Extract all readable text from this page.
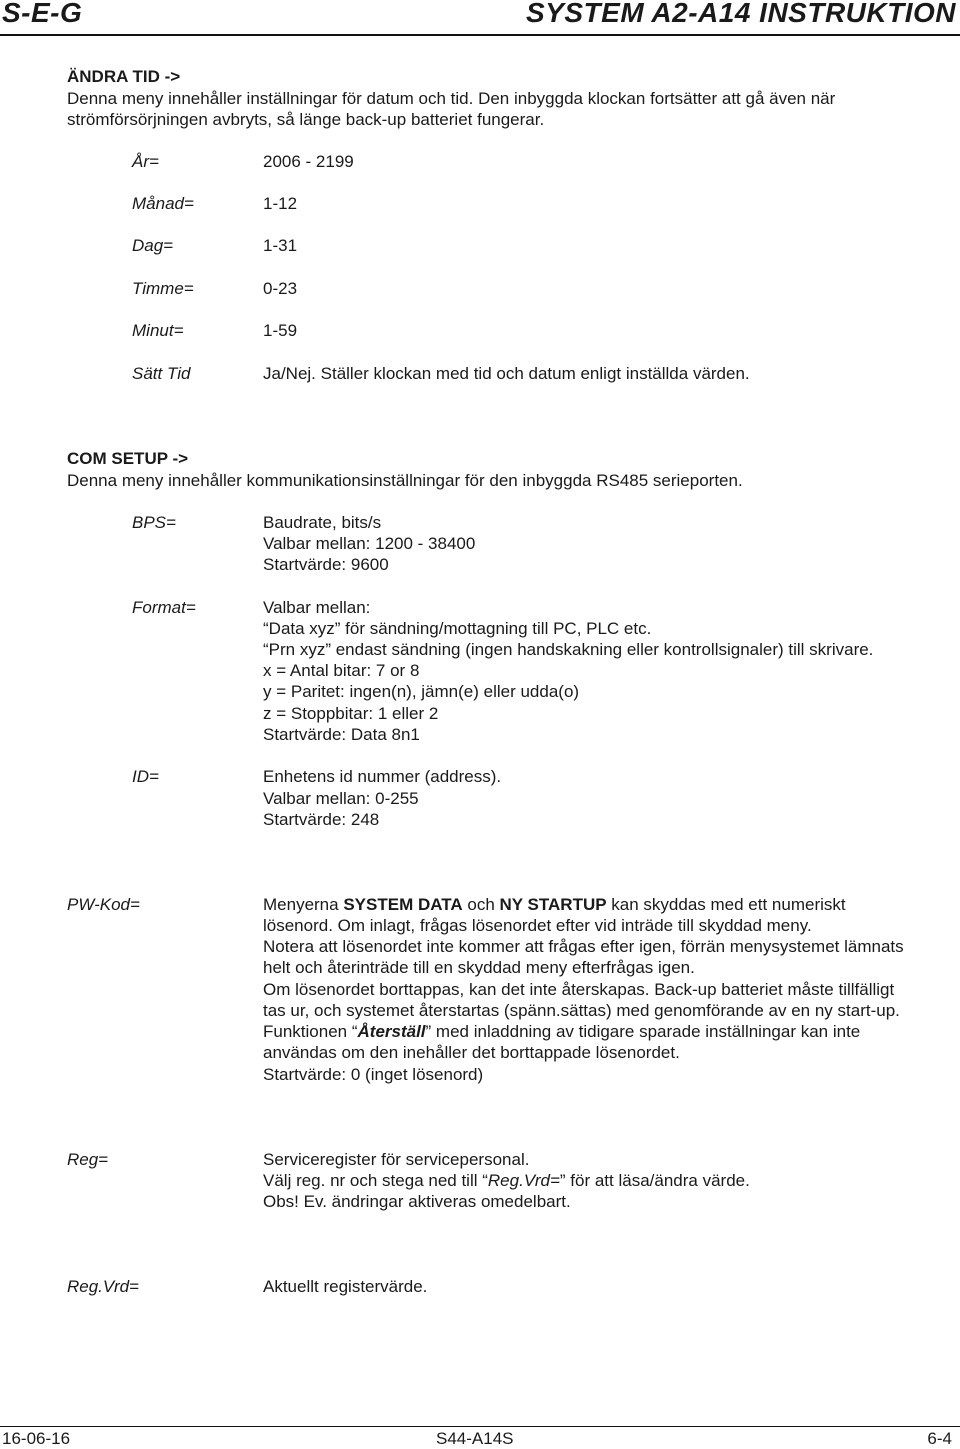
S-E-G	SYSTEM A2-A14 INSTRUKTION
ÄNDRA TID ->
Denna meny innehåller inställningar för datum och tid. Den inbyggda klockan fortsätter att gå även när
strömförsörjningen avbryts, så länge back-up batteriet fungerar.
År=	2006 - 2199
Månad=	1-12
Dag=	1-31
Timme=	0-23
Minut=	1-59
Sätt Tid	Ja/Nej. Ställer klockan med tid och datum enligt inställda värden.
COM SETUP ->
Denna meny innehåller kommunikationsinställningar för den inbyggda RS485 serieporten.
BPS=	Baudrate, bits/s
Valbar mellan: 1200 - 38400
Startvärde: 9600
Format=	Valbar mellan:
“Data xyz” för sändning/mottagning till PC, PLC etc.
“Prn xyz” endast sändning (ingen handskakning eller kontrollsignaler) till skrivare.
x = Antal bitar: 7 or 8
y = Paritet: ingen(n), jämn(e) eller udda(o)
z = Stoppbitar: 1 eller 2
Startvärde: Data 8n1
ID=	Enhetens id nummer (address).
Valbar mellan: 0-255
Startvärde: 248
PW-Kod=	Menyerna SYSTEM DATA och NY STARTUP kan skyddas med ett numeriskt
lösenord. Om inlagt, frågas lösenordet efter vid inträde till skyddad meny.
Notera att lösenordet inte kommer att frågas efter igen, förrän menysystemet lämnats
helt och återinträde till en skyddad meny efterfrågas igen.
Om lösenordet borttappas, kan det inte återskapas. Back-up batteriet måste tillfälligt
tas ur, och systemet återstartas (spänn.sättas) med genomförande av en ny start-up.
Funktionen “Återställ” med inladdning av tidigare sparade inställningar kan inte
användas om den inehåller det borttappade lösenordet.
Startvärde: 0 (inget lösenord)
Reg=	Serviceregister för servicepersonal.
Välj reg. nr och stega ned till “Reg.Vrd=” för att läsa/ändra värde.
Obs! Ev. ändringar aktiveras omedelbart.
Reg.Vrd=	Aktuellt registervärde.
16-06-16	S44-A14S	6-4
